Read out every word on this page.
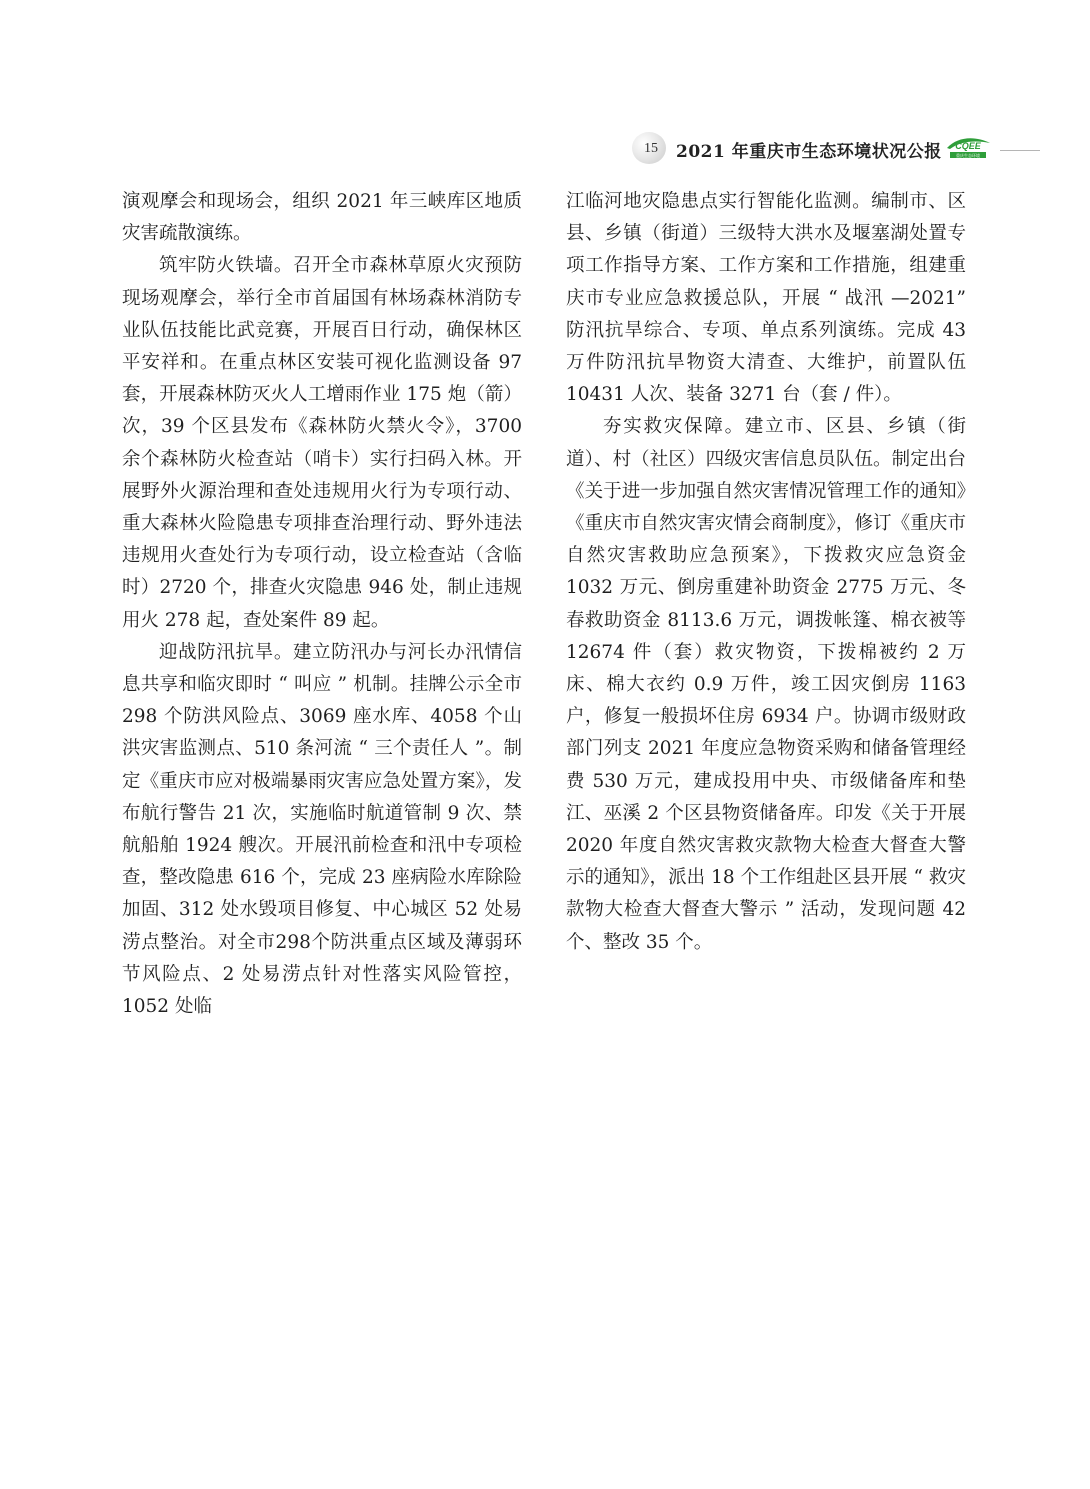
15 2021 年重庆市生态环境状况公报 CQEE
重庆生态环境

演观摩会和现场会，组织 2021 年三峡库区地质灾害疏散演练。

筑牢防火铁墙。召开全市森林草原火灾预防现场观摩会，举行全市首届国有林场森林消防专业队伍技能比武竞赛，开展百日行动，确保林区平安祥和。在重点林区安装可视化监测设备 97 套，开展森林防灭火人工增雨作业 175 炮（箭）次，39 个区县发布《森林防火禁火令》，3700 余个森林防火检查站（哨卡）实行扫码入林。开展野外火源治理和查处违规用火行为专项行动、重大森林火险隐患专项排查治理行动、野外违法违规用火查处行为专项行动，设立检查站（含临时）2720 个，排查火灾隐患 946 处，制止违规用火 278 起，查处案件 89 起。

迎战防汛抗旱。建立防汛办与河长办汛情信息共享和临灾即时 “ 叫应 ” 机制。挂牌公示全市 298 个防洪风险点、3069 座水库、4058 个山洪灾害监测点、510 条河流 “ 三个责任人 ”。制定《重庆市应对极端暴雨灾害应急处置方案》，发布航行警告 21 次，实施临时航道管制 9 次、禁航船舶 1924 艘次。开展汛前检查和汛中专项检查，整改隐患 616 个，完成 23 座病险水库除险加固、312 处水毁项目修复、中心城区 52 处易涝点整治。对全市298个防洪重点区域及薄弱环节风险点、2 处易涝点针对性落实风险管控，1052 处临

江临河地灾隐患点实行智能化监测。编制市、区县、乡镇（街道）三级特大洪水及堰塞湖处置专项工作指导方案、工作方案和工作措施，组建重庆市专业应急救援总队，开展 “ 战汛 —2021” 防汛抗旱综合、专项、单点系列演练。完成 43 万件防汛抗旱物资大清查、大维护，前置队伍 10431 人次、装备 3271 台（套 / 件）。

夯实救灾保障。建立市、区县、乡镇（街道）、村（社区）四级灾害信息员队伍。制定出台《关于进一步加强自然灾害情况管理工作的通知》《重庆市自然灾害灾情会商制度》，修订《重庆市自然灾害救助应急预案》，下拨救灾应急资金 1032 万元、倒房重建补助资金 2775 万元、冬春救助资金 8113.6 万元，调拨帐篷、棉衣被等 12674 件（套）救灾物资，下拨棉被约 2 万床、棉大衣约 0.9 万件，竣工因灾倒房 1163 户，修复一般损坏住房 6934 户。协调市级财政部门列支 2021 年度应急物资采购和储备管理经费 530 万元，建成投用中央、市级储备库和垫江、巫溪 2 个区县物资储备库。印发《关于开展 2020 年度自然灾害救灾款物大检查大督查大警示的通知》，派出 18 个工作组赴区县开展 “ 救灾款物大检查大督查大警示 ” 活动，发现问题 42 个、整改 35 个。
